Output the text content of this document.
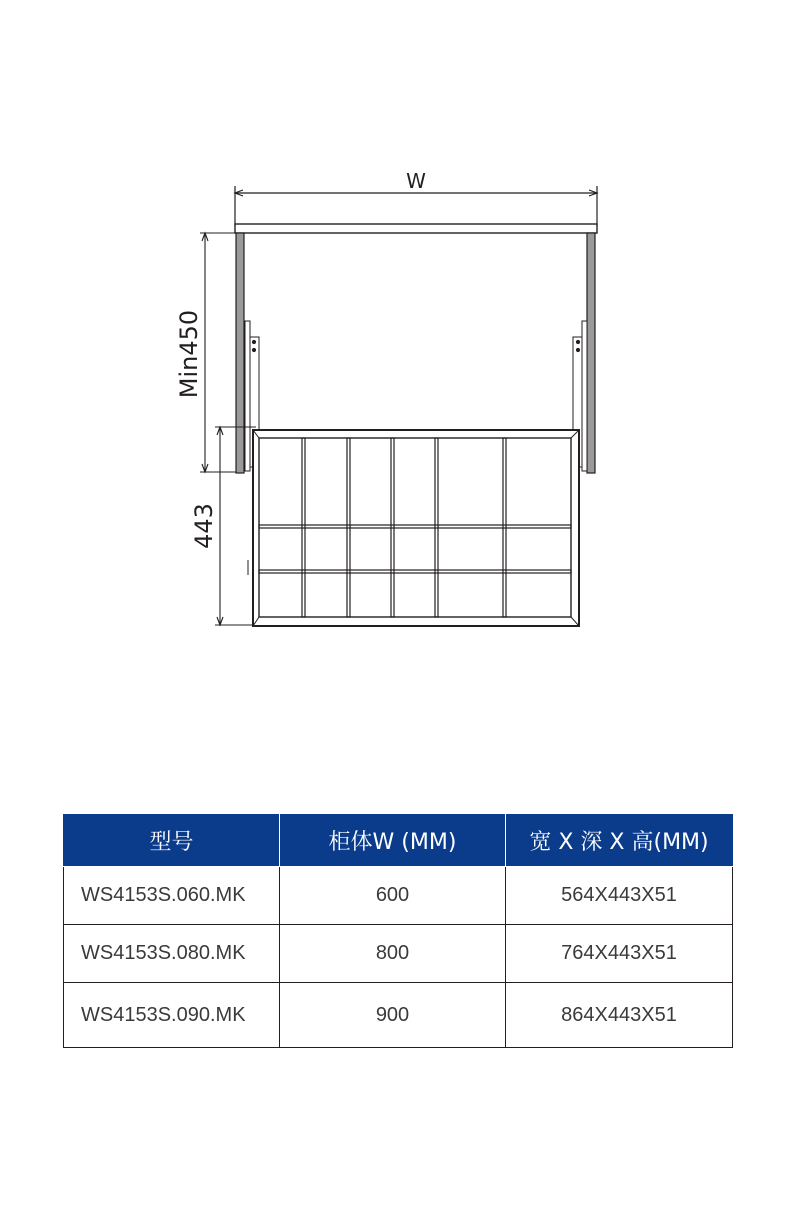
W
Min450
443
型号	柜体W (MM)	宽 X 深 X 高(MM)
WS4153S.060.MK	600	564X443X51
WS4153S.080.MK	800	764X443X51
WS4153S.090.MK	900	864X443X51
